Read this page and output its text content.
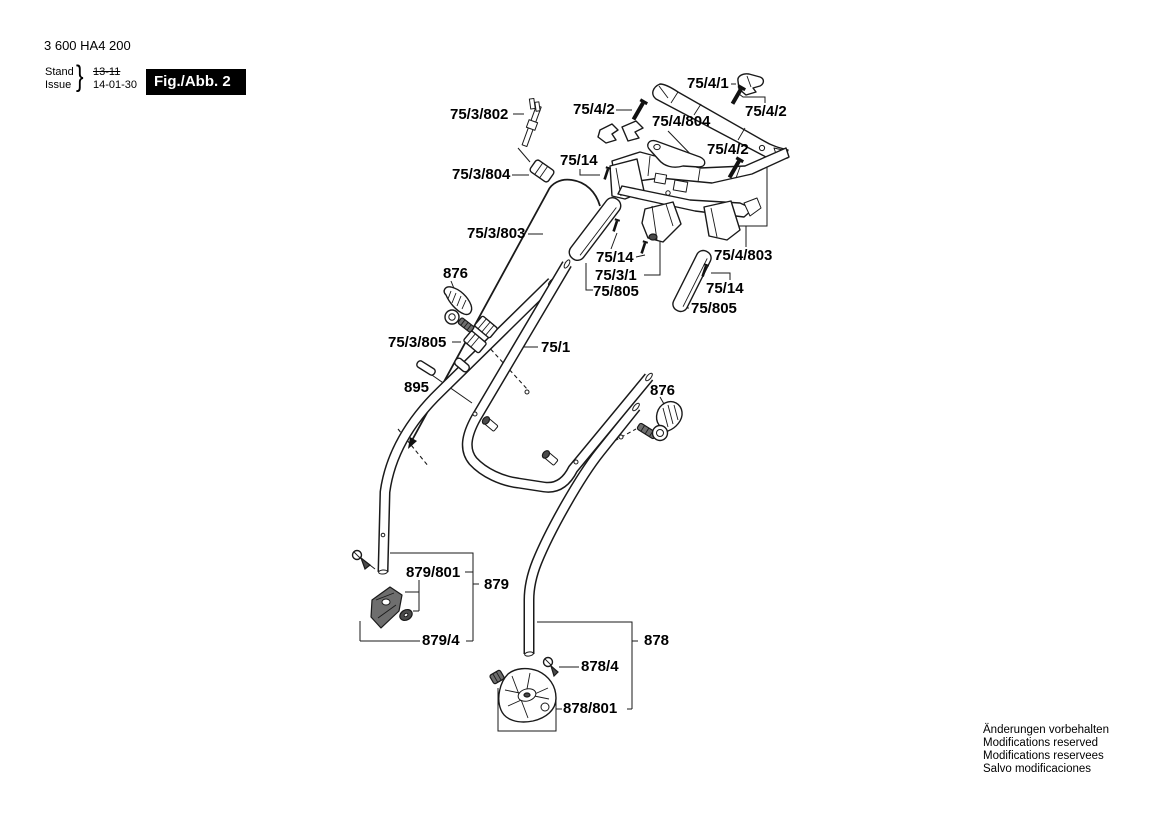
3 600 HA4 200
Stand
Issue } 13-11
14-01-30	Fig./Abb. 2
75/3/802	75/4/2
75/4/1
75/4/2
75/4/804
75/14
75/4/2
75/3/804
75/3/803
75/14
75/3/1
75/805
75/4/803
75/14
75/805
876
75/3/805	75/1
895	876
879/801
879
879/4	878
878/4
878/801
Änderungen vorbehalten
Modifications reserved
Modifications reservees
Salvo modificaciones
